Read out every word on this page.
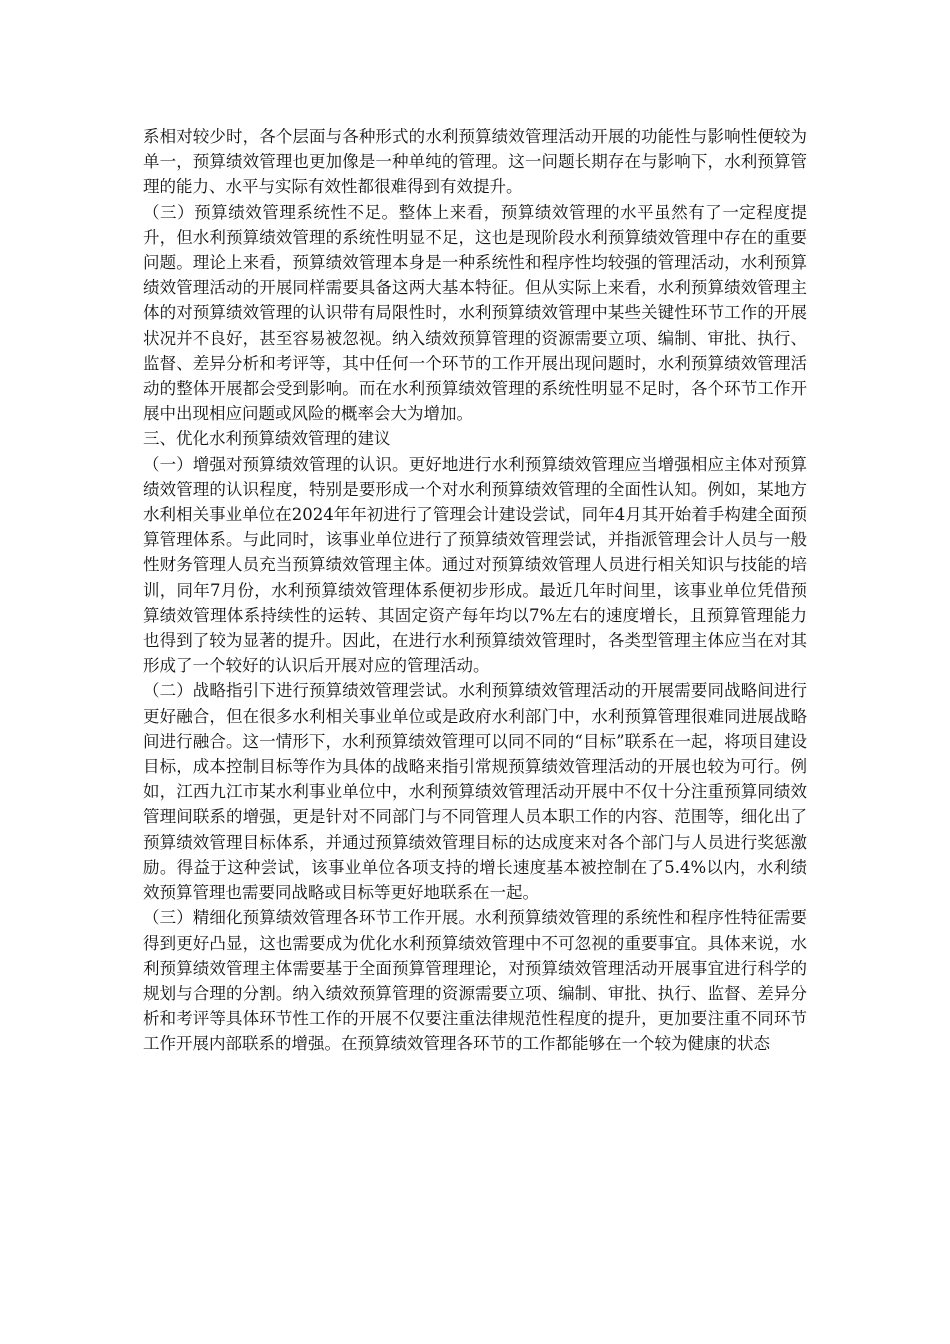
系相对较少时，各个层面与各种形式的水利预算绩效管理活动开展的功能性与影响性便较为单一，预算绩效管理也更加像是一种单纯的管理。这一问题长期存在与影响下，水利预算管理的能力、水平与实际有效性都很难得到有效提升。

（三）预算绩效管理系统性不足。整体上来看，预算绩效管理的水平虽然有了一定程度提升，但水利预算绩效管理的系统性明显不足，这也是现阶段水利预算绩效管理中存在的重要问题。理论上来看，预算绩效管理本身是一种系统性和程序性均较强的管理活动，水利预算绩效管理活动的开展同样需要具备这两大基本特征。但从实际上来看，水利预算绩效管理主体的对预算绩效管理的认识带有局限性时，水利预算绩效管理中某些关键性环节工作的开展状况并不良好，甚至容易被忽视。纳入绩效预算管理的资源需要立项、编制、审批、执行、监督、差异分析和考评等，其中任何一个环节的工作开展出现问题时，水利预算绩效管理活动的整体开展都会受到影响。而在水利预算绩效管理的系统性明显不足时，各个环节工作开展中出现相应问题或风险的概率会大为增加。

三、优化水利预算绩效管理的建议

（一）增强对预算绩效管理的认识。更好地进行水利预算绩效管理应当增强相应主体对预算绩效管理的认识程度，特别是要形成一个对水利预算绩效管理的全面性认知。例如，某地方水利相关事业单位在2024年年初进行了管理会计建设尝试，同年4月其开始着手构建全面预算管理体系。与此同时，该事业单位进行了预算绩效管理尝试，并指派管理会计人员与一般性财务管理人员充当预算绩效管理主体。通过对预算绩效管理人员进行相关知识与技能的培训，同年7月份，水利预算绩效管理体系便初步形成。最近几年时间里，该事业单位凭借预算绩效管理体系持续性的运转、其固定资产每年均以7%左右的速度增长，且预算管理能力也得到了较为显著的提升。因此，在进行水利预算绩效管理时，各类型管理主体应当在对其形成了一个较好的认识后开展对应的管理活动。

（二）战略指引下进行预算绩效管理尝试。水利预算绩效管理活动的开展需要同战略间进行更好融合，但在很多水利相关事业单位或是政府水利部门中，水利预算管理很难同进展战略间进行融合。这一情形下，水利预算绩效管理可以同不同的“目标”联系在一起，将项目建设目标，成本控制目标等作为具体的战略来指引常规预算绩效管理活动的开展也较为可行。例如，江西九江市某水利事业单位中，水利预算绩效管理活动开展中不仅十分注重预算同绩效管理间联系的增强，更是针对不同部门与不同管理人员本职工作的内容、范围等，细化出了预算绩效管理目标体系，并通过预算绩效管理目标的达成度来对各个部门与人员进行奖惩激励。得益于这种尝试，该事业单位各项支持的增长速度基本被控制在了5.4%以内，水利绩效预算管理也需要同战略或目标等更好地联系在一起。

（三）精细化预算绩效管理各环节工作开展。水利预算绩效管理的系统性和程序性特征需要得到更好凸显，这也需要成为优化水利预算绩效管理中不可忽视的重要事宜。具体来说，水利预算绩效管理主体需要基于全面预算管理理论，对预算绩效管理活动开展事宜进行科学的规划与合理的分割。纳入绩效预算管理的资源需要立项、编制、审批、执行、监督、差异分析和考评等具体环节性工作的开展不仅要注重法律规范性程度的提升，更加要注重不同环节工作开展内部联系的增强。在预算绩效管理各环节的工作都能够在一个较为健康的状态
